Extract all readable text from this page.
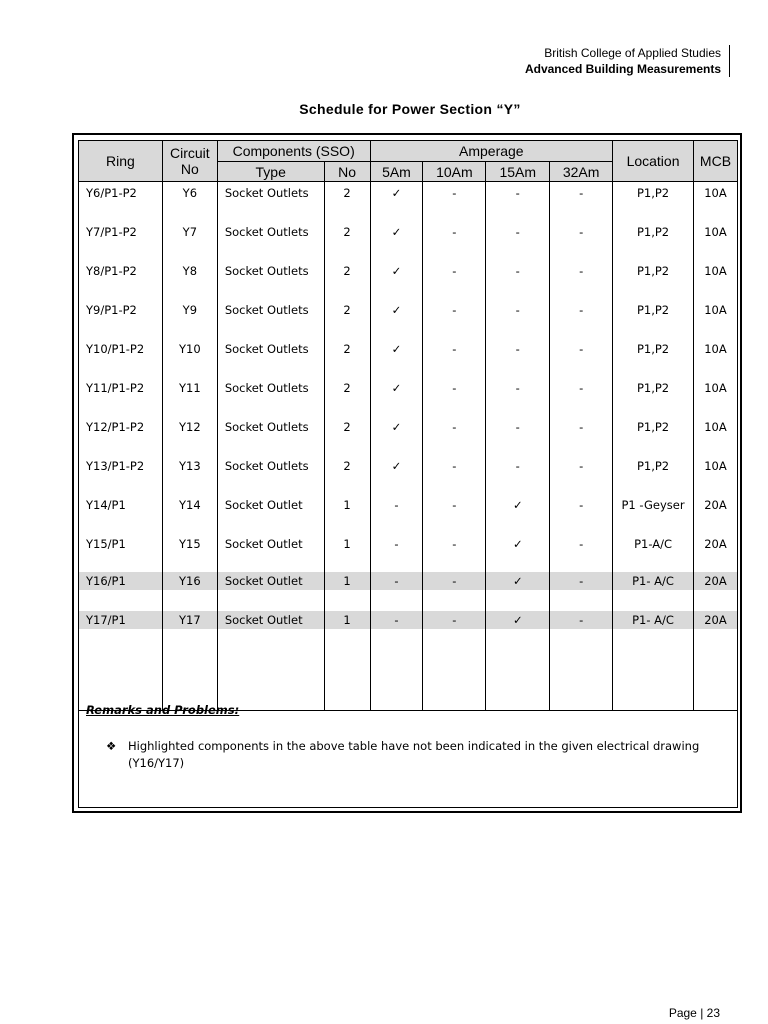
British College of Applied Studies
Advanced Building Measurements
Schedule for Power Section “Y”
Ring	Circuit No	Components (SSO)		Amperage				Location	MCB
		Type	No	5Am	10Am	15Am	32Am		
Y6/P1-P2	Y6	Socket Outlets	2	✓	-	-	-	P1,P2	10A
Y7/P1-P2	Y7	Socket Outlets	2	✓	-	-	-	P1,P2	10A
Y8/P1-P2	Y8	Socket Outlets	2	✓	-	-	-	P1,P2	10A
Y9/P1-P2	Y9	Socket Outlets	2	✓	-	-	-	P1,P2	10A
Y10/P1-P2	Y10	Socket Outlets	2	✓	-	-	-	P1,P2	10A
Y11/P1-P2	Y11	Socket Outlets	2	✓	-	-	-	P1,P2	10A
Y12/P1-P2	Y12	Socket Outlets	2	✓	-	-	-	P1,P2	10A
Y13/P1-P2	Y13	Socket Outlets	2	✓	-	-	-	P1,P2	10A
Y14/P1	Y14	Socket Outlet	1	-	-	✓	-	P1 -Geyser	20A
Y15/P1	Y15	Socket Outlet	1	-	-	✓	-	P1-A/C	20A

Y16/P1	Y16	Socket Outlet	1	-	-	✓	-	P1- A/C	20A

Y17/P1	Y17	Socket Outlet	1	-	-	✓	-	P1- A/C	20A

Remarks and Problems:
❖ Highlighted components in the above table have not been indicated in the given electrical drawing (Y16/Y17)
Page | 23
